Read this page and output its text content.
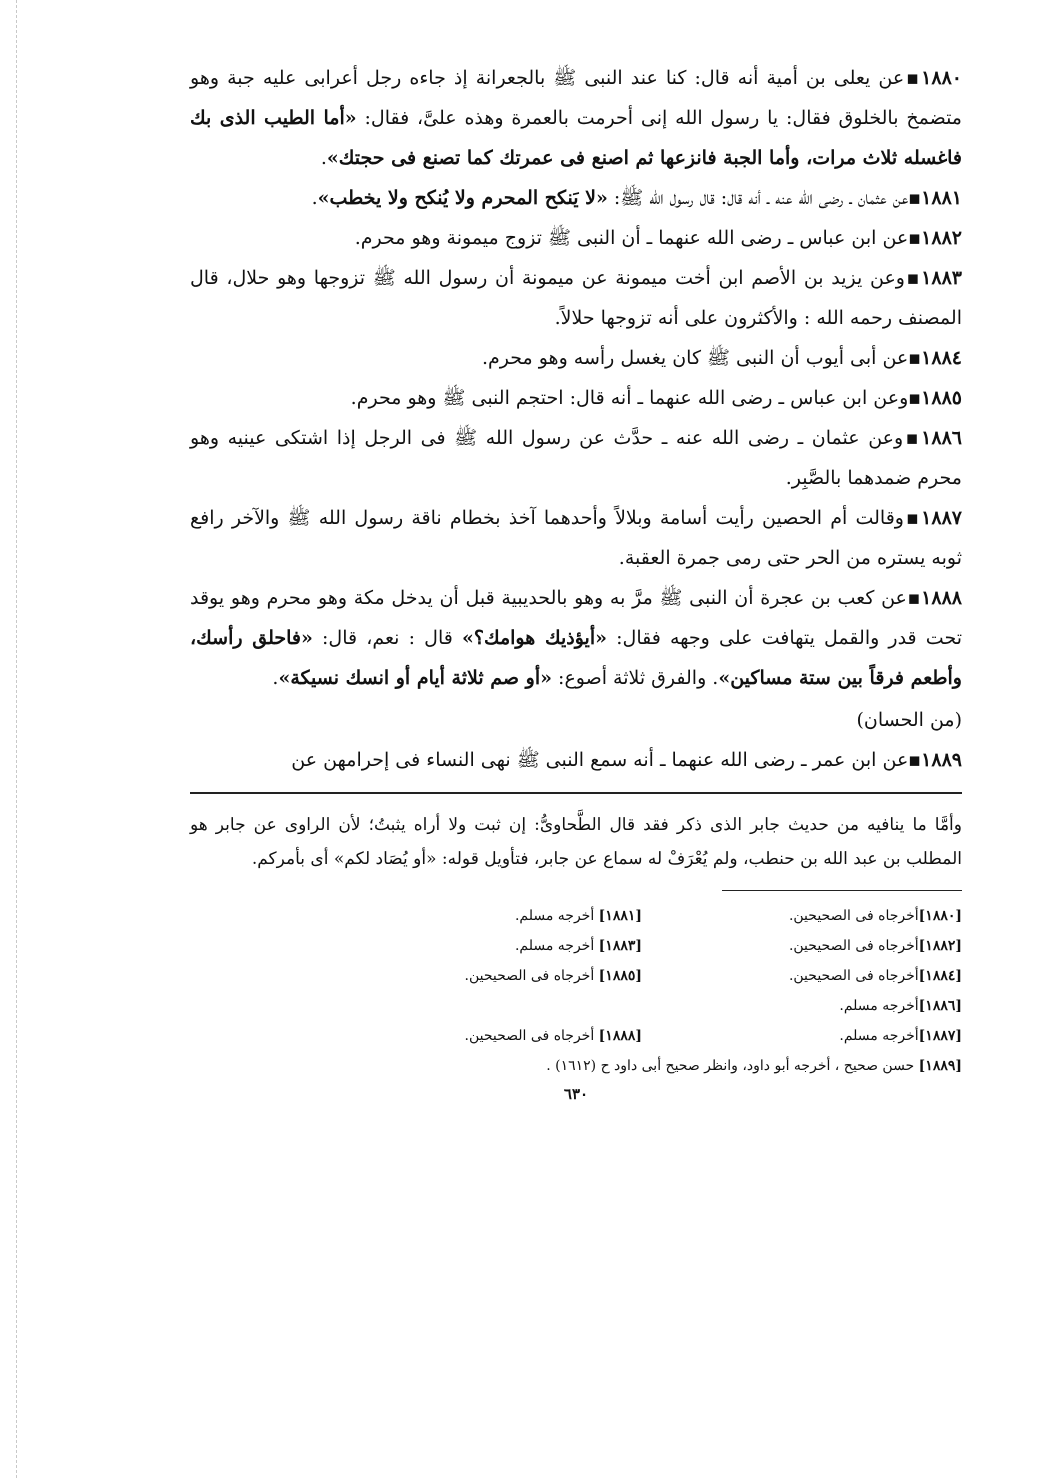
١٨٨٠▪عن يعلى بن أمية أنه قال: كنا عند النبى ﷺ بالجعرانة إذ جاءه رجل أعرابى عليه جبة وهو متضمخ بالخلوق فقال: يا رسول الله إنى أحرمت بالعمرة وهذه علىَّ، فقال: «أما الطيب الذى بك فاغسله ثلاث مرات، وأما الجبة فانزعها ثم اصنع فى عمرتك كما تصنع فى حجتك».

١٨٨١▪عن عثمان ـ رضى الله عنه ـ أنه قال: قال رسول الله ﷺ: «لا يَنكح المحرم ولا يُنكح ولا يخطب».

١٨٨٢▪عن ابن عباس ـ رضى الله عنهما ـ أن النبى ﷺ تزوج ميمونة وهو محرم.

١٨٨٣▪وعن يزيد بن الأصم ابن أخت ميمونة عن ميمونة أن رسول الله ﷺ تزوجها وهو حلال، قال المصنف رحمه الله : والأكثرون على أنه تزوجها حلالاً.

١٨٨٤▪عن أبى أيوب أن النبى ﷺ كان يغسل رأسه وهو محرم.

١٨٨٥▪وعن ابن عباس ـ رضى الله عنهما ـ أنه قال: احتجم النبى ﷺ وهو محرم.

١٨٨٦▪وعن عثمان ـ رضى الله عنه ـ حدَّث عن رسول الله ﷺ فى الرجل إذا اشتكى عينيه وهو محرم ضمدهما بالصَّبِر.

١٨٨٧▪وقالت أم الحصين رأيت أسامة وبلالاً وأحدهما آخذ بخطام ناقة رسول الله ﷺ والآخر رافع ثوبه يستره من الحر حتى رمى جمرة العقبة.

١٨٨٨▪عن كعب بن عجرة أن النبى ﷺ مرَّ به وهو بالحديبية قبل أن يدخل مكة وهو محرم وهو يوقد تحت قدر والقمل يتهافت على وجهه فقال: «أيؤذيك هوامك؟» قال : نعم، قال: «فاحلق رأسك، وأطعم فرقاً بين ستة مساكين». والفرق ثلاثة أصوع: «أو صم ثلاثة أيام أو انسك نسيكة».

(من الحسان)

١٨٨٩▪عن ابن عمر ـ رضى الله عنهما ـ أنه سمع النبى ﷺ نهى النساء فى إحرامهن عن

وأمَّا ما ينافيه من حديث جابر الذى ذكر فقد قال الطَّحاوىُّ: إن ثبت ولا أراه يثبتُ؛ لأن الراوى عن جابر هو المطلب بن عبد الله بن حنطب، ولم يُعْرَفْ له سماع عن جابر، فتأويل قوله: «أو يُصَاد لكم» أى بأمركم.

[١٨٨٠]أخرجاه فى الصحيحين.
[١٨٨١] أخرجه مسلم.
[١٨٨٢]أخرجاه فى الصحيحين.
[١٨٨٣] أخرجه مسلم.
[١٨٨٤]أخرجاه فى الصحيحين.
[١٨٨٥] أخرجاه فى الصحيحين.
[١٨٨٦]أخرجه مسلم.
[١٨٨٧]أخرجه مسلم.
[١٨٨٨] أخرجاه فى الصحيحين.
[١٨٨٩] حسن صحيح ، أخرجه أبو داود، وانظر صحيح أبى داود ح (١٦١٢) .
٦٣٠
